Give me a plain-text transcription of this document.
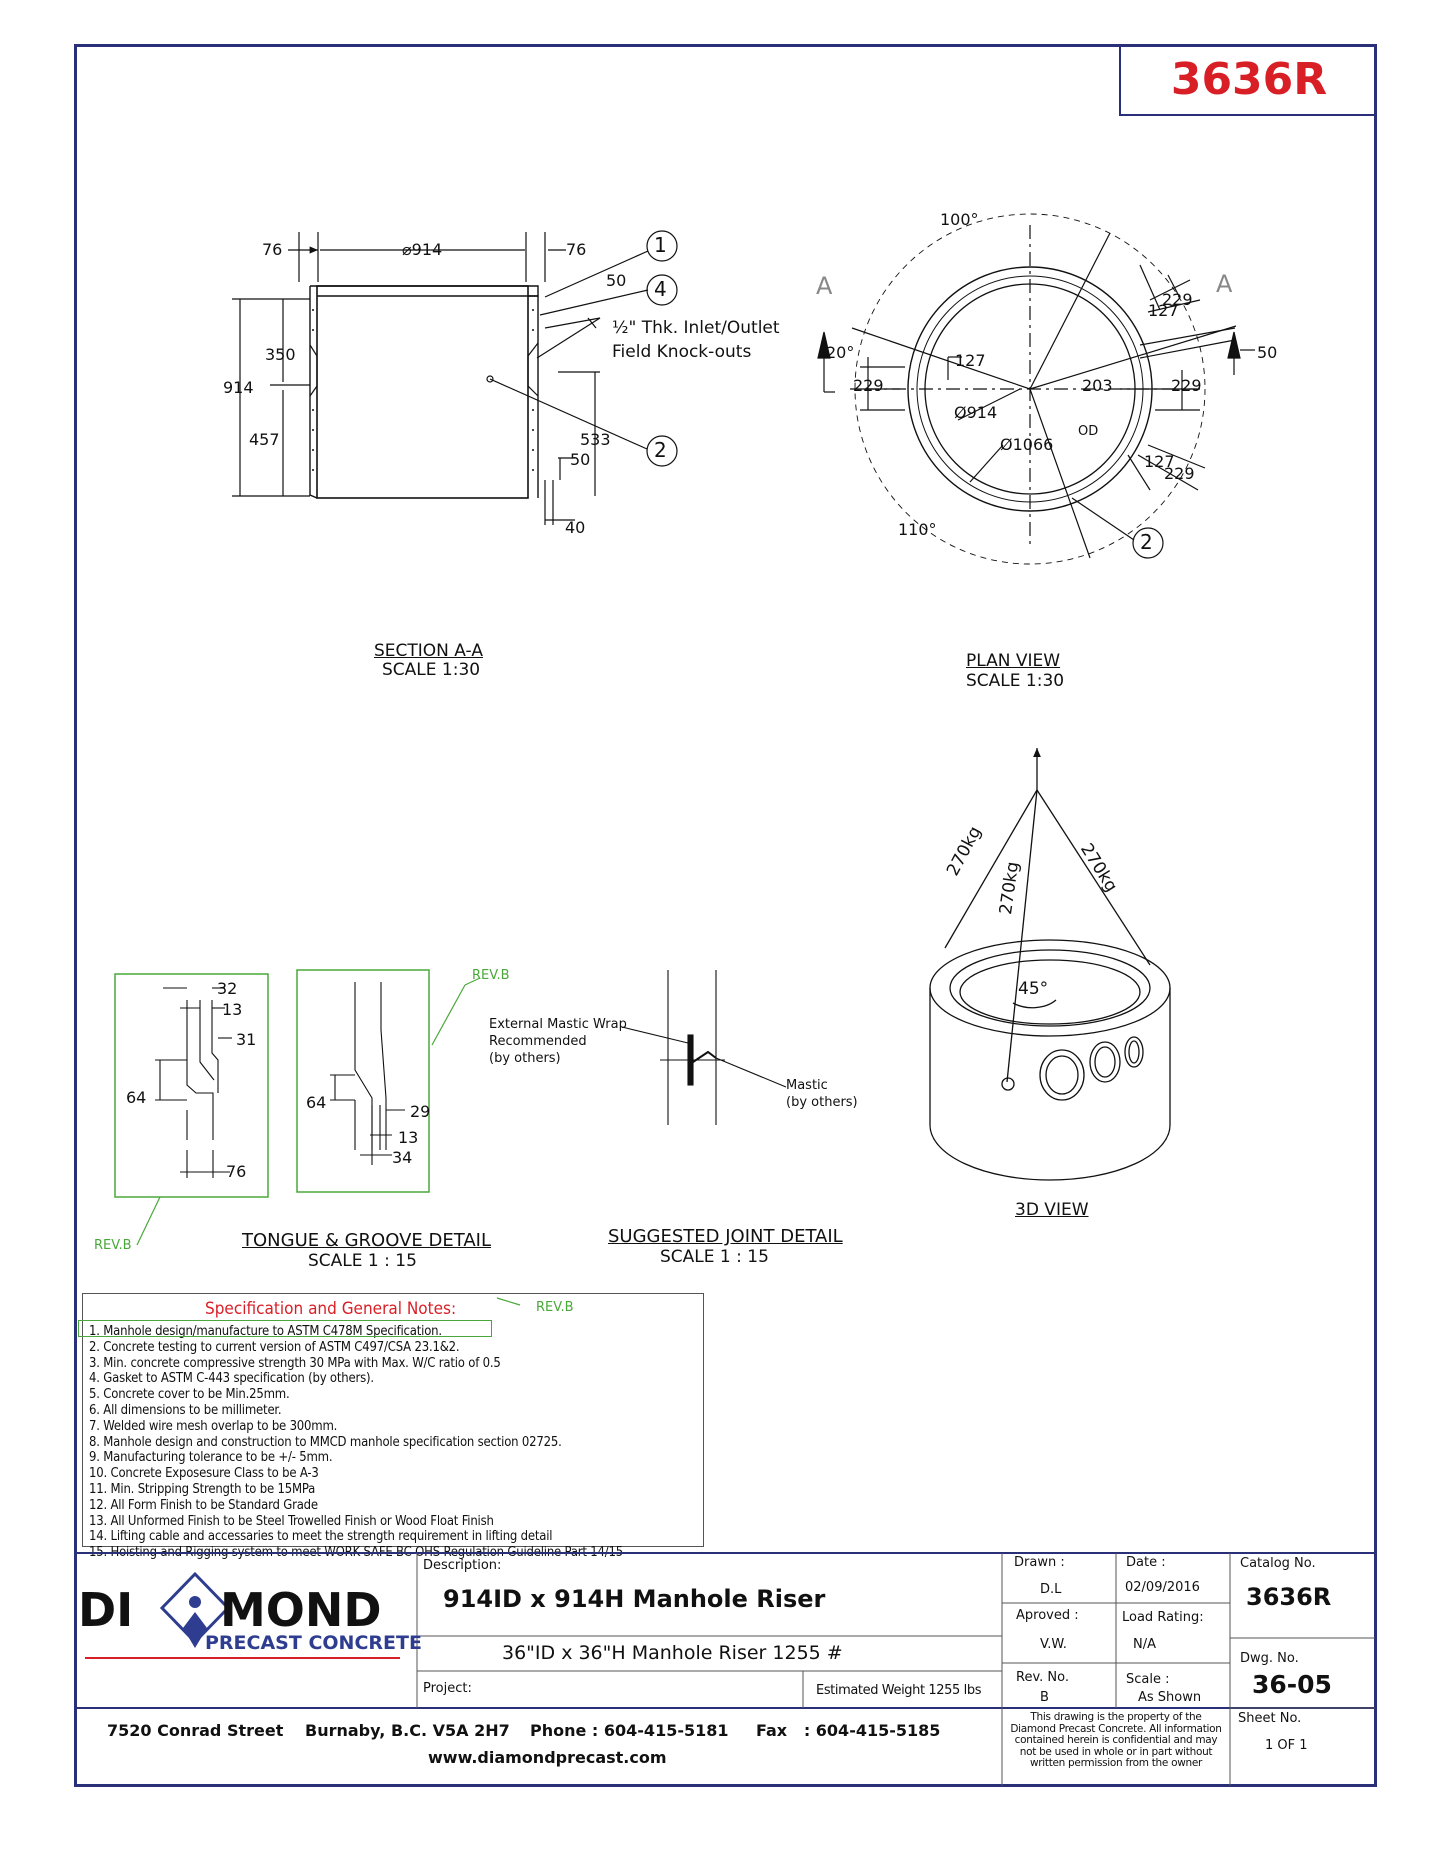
3636R
76	⌀914	76
50
1
4
2
350
914
457	533
50
40
½" Thk. Inlet/Outlet
Field Knock-outs
SECTION A-A
SCALE 1:30
100°
20°
110°
A	A
229
127
127
229
203	229
Ø914
Ø1066
OD
127
229
50
2
PLAN VIEW
SCALE 1:30
270kg
270kg	270kg
45°
3D VIEW
32
13
31
64
76
64	29
13
34
REV.B
REV.B
TONGUE & GROOVE DETAIL
SCALE 1 : 15
External Mastic Wrap
Recommended
(by others)
Mastic
(by others)
SUGGESTED JOINT DETAIL
SCALE 1 : 15
Specification and General Notes:
1. Manhole design/manufacture to ASTM C478M Specification.
2. Concrete testing to current version of ASTM C497/CSA 23.1&2.
3. Min. concrete compressive strength 30 MPa with Max. W/C ratio of 0.5
4. Gasket to ASTM C-443 specification (by others).
5. Concrete cover to be Min.25mm.
6. All dimensions to be millimeter.
7. Welded wire mesh overlap to be 300mm.
8. Manhole design and construction to MMCD manhole specification section 02725.
9. Manufacturing tolerance to be +/- 5mm.
10. Concrete Exposesure Class to be A-3
11. Min. Stripping Strength to be 15MPa
12. All Form Finish to be Standard Grade
13. All Unformed Finish to be Steel Trowelled Finish or Wood Float Finish
14. Lifting cable and accessaries to meet the strength requirement in lifting detail
15. Hoisting and Rigging system to meet WORK SAFE BC OHS Regulation Guideline Part 14/15
REV.B
DI MOND
PRECAST CONCRETE
Description:
914ID x 914H Manhole Riser
36"ID x 36"H Manhole Riser 1255 #
Project:	Estimated Weight 1255 lbs
Drawn :
D.L
Date :
02/09/2016
Aproved :
V.W.
Load Rating:
N/A
Rev. No.
B
Scale :
As Shown
Catalog No.
3636R
Dwg. No.
36-05
Sheet No.
1 OF 1
This drawing is the property of the
Diamond Precast Concrete. All information
contained herein is confidential and may
not be used in whole or in part without
written permission from the owner
7520 Conrad Street Burnaby, B.C. V5A 2H7 Phone : 604-415-5181 Fax   : 604-415-5185
www.diamondprecast.com
